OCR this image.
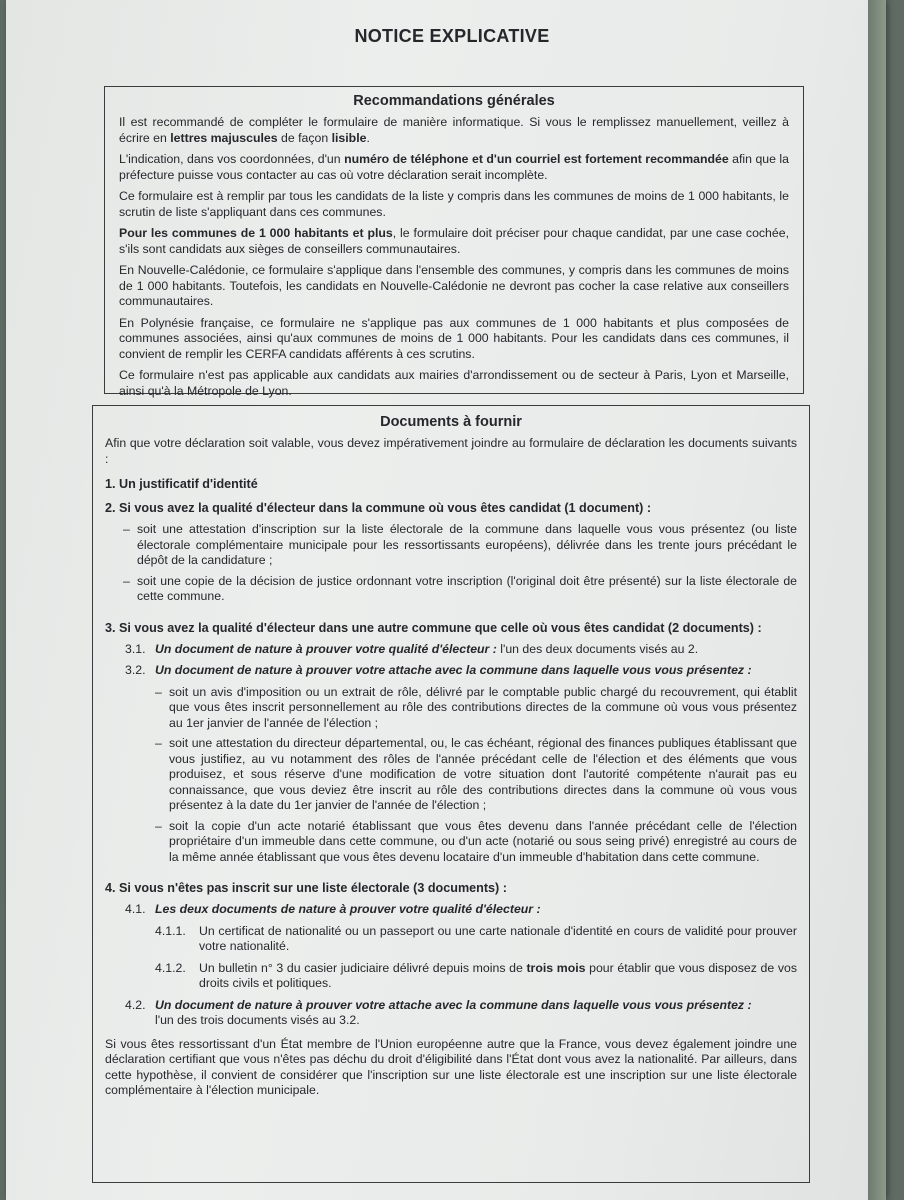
NOTICE EXPLICATIVE
Recommandations générales

Il est recommandé de compléter le formulaire de manière informatique. Si vous le remplissez manuellement, veillez à écrire en lettres majuscules de façon lisible.

L'indication, dans vos coordonnées, d'un numéro de téléphone et d'un courriel est fortement recommandée afin que la préfecture puisse vous contacter au cas où votre déclaration serait incomplète.

Ce formulaire est à remplir par tous les candidats de la liste y compris dans les communes de moins de 1 000 habitants, le scrutin de liste s'appliquant dans ces communes.

Pour les communes de 1 000 habitants et plus, le formulaire doit préciser pour chaque candidat, par une case cochée, s'ils sont candidats aux sièges de conseillers communautaires.

En Nouvelle-Calédonie, ce formulaire s'applique dans l'ensemble des communes, y compris dans les communes de moins de 1 000 habitants. Toutefois, les candidats en Nouvelle-Calédonie ne devront pas cocher la case relative aux conseillers communautaires.

En Polynésie française, ce formulaire ne s'applique pas aux communes de 1 000 habitants et plus composées de communes associées, ainsi qu'aux communes de moins de 1 000 habitants. Pour les candidats dans ces communes, il convient de remplir les CERFA candidats afférents à ces scrutins.

Ce formulaire n'est pas applicable aux candidats aux mairies d'arrondissement ou de secteur à Paris, Lyon et Marseille, ainsi qu'à la Métropole de Lyon.

Documents à fournir

Afin que votre déclaration soit valable, vous devez impérativement joindre au formulaire de déclaration les documents suivants :

1. Un justificatif d'identité
2. Si vous avez la qualité d'électeur dans la commune où vous êtes candidat (1 document) :
– soit une attestation d'inscription sur la liste électorale de la commune dans laquelle vous vous présentez (ou liste électorale complémentaire municipale pour les ressortissants européens), délivrée dans les trente jours précédant le dépôt de la candidature ;
– soit une copie de la décision de justice ordonnant votre inscription (l'original doit être présenté) sur la liste électorale de cette commune.
3. Si vous avez la qualité d'électeur dans une autre commune que celle où vous êtes candidat (2 documents) :
3.1. Un document de nature à prouver votre qualité d'électeur : l'un des deux documents visés au 2.
3.2. Un document de nature à prouver votre attache avec la commune dans laquelle vous vous présentez :
– soit un avis d'imposition ou un extrait de rôle, délivré par le comptable public chargé du recouvrement, qui établit que vous êtes inscrit personnellement au rôle des contributions directes de la commune où vous vous présentez au 1er janvier de l'année de l'élection ;
– soit une attestation du directeur départemental, ou, le cas échéant, régional des finances publiques établissant que vous justifiez, au vu notamment des rôles de l'année précédant celle de l'élection et des éléments que vous produisez, et sous réserve d'une modification de votre situation dont l'autorité compétente n'aurait pas eu connaissance, que vous deviez être inscrit au rôle des contributions directes dans la commune où vous vous présentez à la date du 1er janvier de l'année de l'élection ;
– soit la copie d'un acte notarié établissant que vous êtes devenu dans l'année précédant celle de l'élection propriétaire d'un immeuble dans cette commune, ou d'un acte (notarié ou sous seing privé) enregistré au cours de la même année établissant que vous êtes devenu locataire d'un immeuble d'habitation dans cette commune.
4. Si vous n'êtes pas inscrit sur une liste électorale (3 documents) :
4.1. Les deux documents de nature à prouver votre qualité d'électeur :
4.1.1.	Un certificat de nationalité ou un passeport ou une carte nationale d'identité en cours de validité pour prouver votre nationalité.
4.1.2.	Un bulletin n° 3 du casier judiciaire délivré depuis moins de trois mois pour établir que vous disposez de vos droits civils et politiques.
4.2. Un document de nature à prouver votre attache avec la commune dans laquelle vous vous présentez :
l'un des trois documents visés au 3.2.

Si vous êtes ressortissant d'un État membre de l'Union européenne autre que la France, vous devez également joindre une déclaration certifiant que vous n'êtes pas déchu du droit d'éligibilité dans l'État dont vous avez la nationalité. Par ailleurs, dans cette hypothèse, il convient de considérer que l'inscription sur une liste électorale est une inscription sur une liste électorale complémentaire à l'élection municipale.
